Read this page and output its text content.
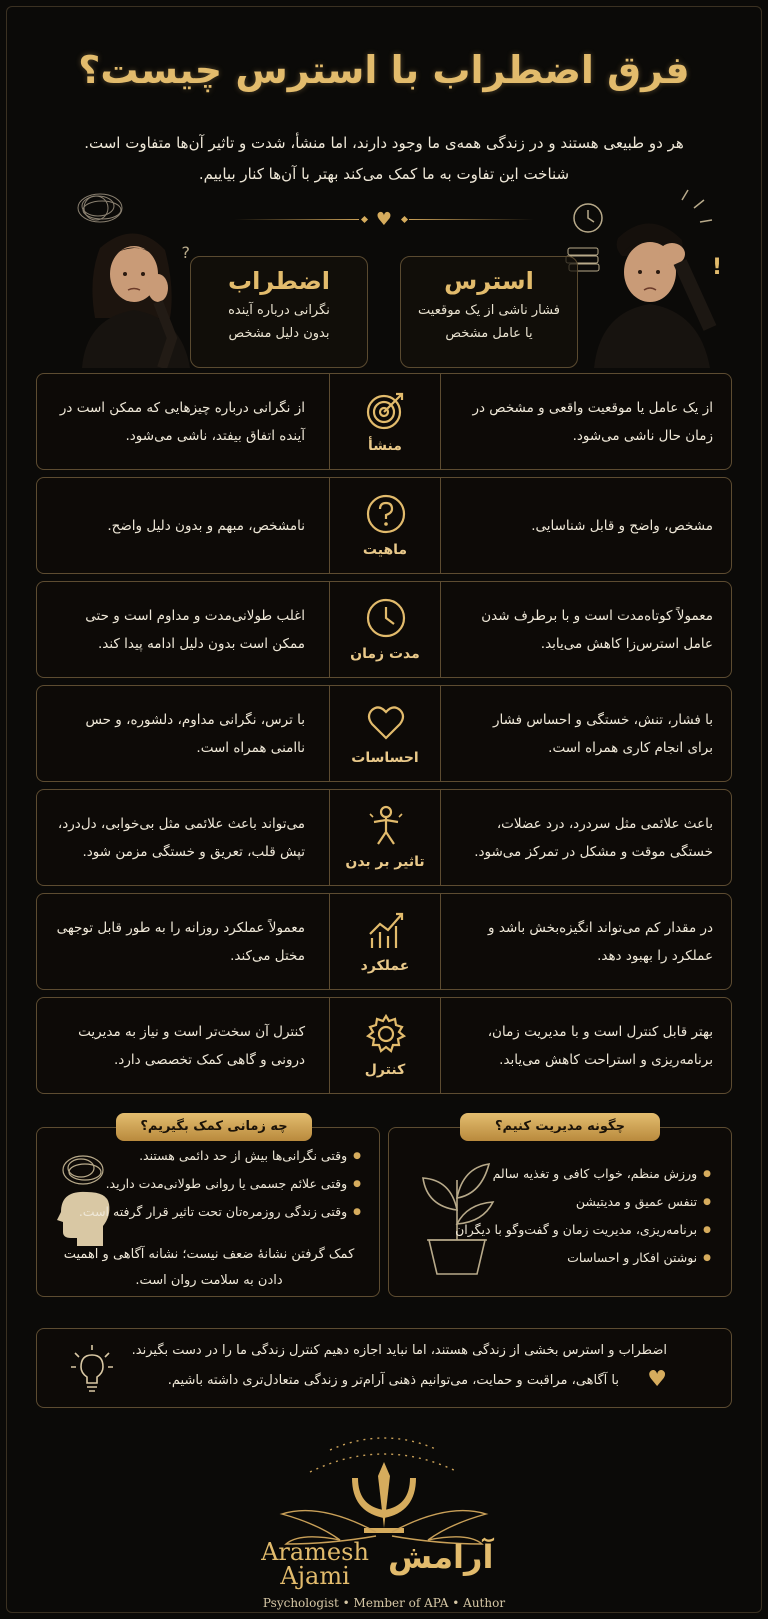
فرق اضطراب با استرس چیست؟
هر دو طبیعی هستند و در زندگی همه‌ی ما وجود دارند، اما منشأ، شدت و تاثیر آن‌ها متفاوت است.
شناخت این تفاوت به ما کمک می‌کند بهتر با آن‌ها کنار بیاییم.
♥
?
!
استرس
فشار ناشی از یک موقعیت
یا عامل مشخص
اضطراب
نگرانی درباره آینده
بدون دلیل مشخص
از یک عامل یا موقعیت واقعی و مشخص در زمان حال ناشی می‌شود.
منشأ
از نگرانی درباره چیزهایی که ممکن است در آینده اتفاق بیفتد، ناشی می‌شود.
مشخص، واضح و قابل شناسایی.
ماهیت
نامشخص، مبهم و بدون دلیل واضح.
معمولاً کوتاه‌مدت است و با برطرف شدن عامل استرس‌زا کاهش می‌یابد.
مدت زمان
اغلب طولانی‌مدت و مداوم است و حتی ممکن است بدون دلیل ادامه پیدا کند.
با فشار، تنش، خستگی و احساس فشار برای انجام کاری همراه است.
احساسات
با ترس، نگرانی مداوم، دلشوره، و حس ناامنی همراه است.
باعث علائمی مثل سردرد، درد عضلات، خستگی موقت و مشکل در تمرکز می‌شود.
تاثیر بر بدن
می‌تواند باعث علائمی مثل بی‌خوابی، دل‌درد، تپش قلب، تعریق و خستگی مزمن شود.
در مقدار کم می‌تواند انگیزه‌بخش باشد و عملکرد را بهبود دهد.
عملکرد
معمولاً عملکرد روزانه را به طور قابل توجهی مختل می‌کند.
بهتر قابل کنترل است و با مدیریت زمان، برنامه‌ریزی و استراحت کاهش می‌یابد.
کنترل
کنترل آن سخت‌تر است و نیاز به مدیریت درونی و گاهی کمک تخصصی دارد.
● ورزش منظم، خواب کافی و تغذیه سالم
● تنفس عمیق و مدیتیشن
● برنامه‌ریزی، مدیریت زمان و گفت‌وگو با دیگران
● نوشتن افکار و احساسات
چگونه مدیریت کنیم؟
● وقتی نگرانی‌ها بیش از حد دائمی هستند.
● وقتی علائم جسمی یا روانی طولانی‌مدت دارید.
● وقتی زندگی روزمره‌تان تحت تاثیر قرار گرفته است.
کمک گرفتن نشانهٔ ضعف نیست؛ نشانه آگاهی و اهمیت
دادن به سلامت روان است.
چه زمانی کمک بگیریم؟
اضطراب و استرس بخشی از زندگی هستند، اما نباید اجازه دهیم کنترل زندگی‌ ما را در دست بگیرند.
با آگاهی، مراقبت و حمایت، می‌توانیم ذهنی آرام‌تر و زندگی متعادل‌تری داشته باشیم. ♥
Aramesh
Ajami	آرامش
Psychologist • Member of APA • Author
